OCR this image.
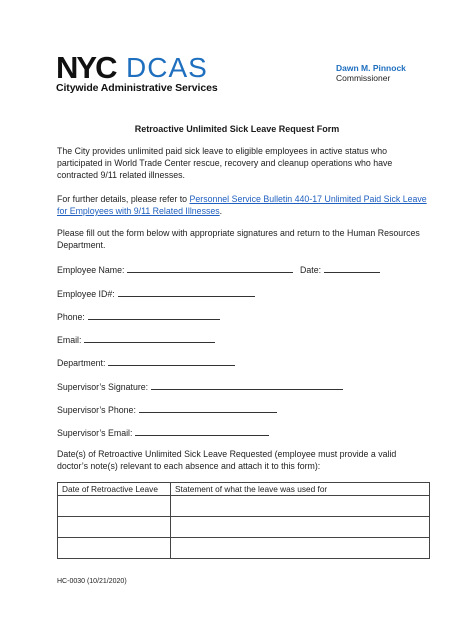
NYC DCAS
Citywide Administrative Services
Dawn M. Pinnock
Commissioner
Retroactive Unlimited Sick Leave Request Form
The City provides unlimited paid sick leave to eligible employees in active status who participated in World Trade Center rescue, recovery and cleanup operations who have contracted 9/11 related illnesses.
For further details, please refer to Personnel Service Bulletin 440-17 Unlimited Paid Sick Leave for Employees with 9/11 Related Illnesses.
Please fill out the form below with appropriate signatures and return to the Human Resources Department.
Employee Name:	Date:
Employee ID#:
Phone:
Email:
Department:
Supervisor’s Signature:
Supervisor’s Phone:
Supervisor’s Email:
Date(s) of Retroactive Unlimited Sick Leave Requested (employee must provide a valid doctor’s note(s) relevant to each absence and attach it to this form):
Date of Retroactive Leave	Statement of what the leave was used for

HC-0030 (10/21/2020)
